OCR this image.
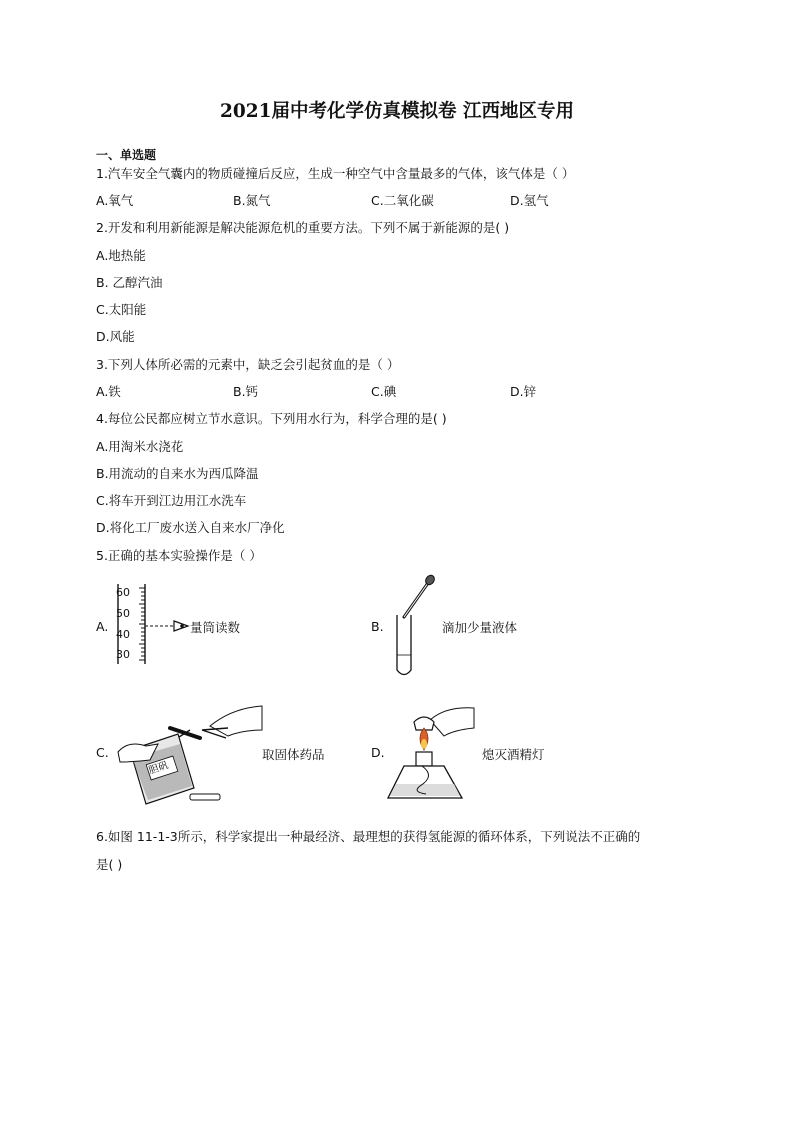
2021届中考化学仿真模拟卷 江西地区专用
一、单选题
1.汽车安全气囊内的物质碰撞后反应，生成一种空气中含量最多的气体，该气体是（ ）
A.氧气	B.氮气	C.二氧化碳	D.氢气
2.开发和利用新能源是解决能源危机的重要方法。下列不属于新能源的是( )
A.地热能
B. 乙醇汽油
C.太阳能
D.风能
3.下列人体所必需的元素中，缺乏会引起贫血的是（ ）
A.铁	B.钙	C.碘	D.锌
4.每位公民都应树立节水意识。下列用水行为，科学合理的是( )
A.用淘米水浇花
B.用流动的自来水为西瓜降温
C.将车开到江边用江水洗车
D.将化工厂废水送入自来水厂净化
5.正确的基本实验操作是（ ）
A.
60
50
40
30
量筒读数	B.	滴加少量液体
C.
胆矾
取固体药品	D.	熄灭酒精灯
6.如图 11-1-3所示，科学家提出一种最经济、最理想的获得氢能源的循环体系，下列说法不正确的
是( )
